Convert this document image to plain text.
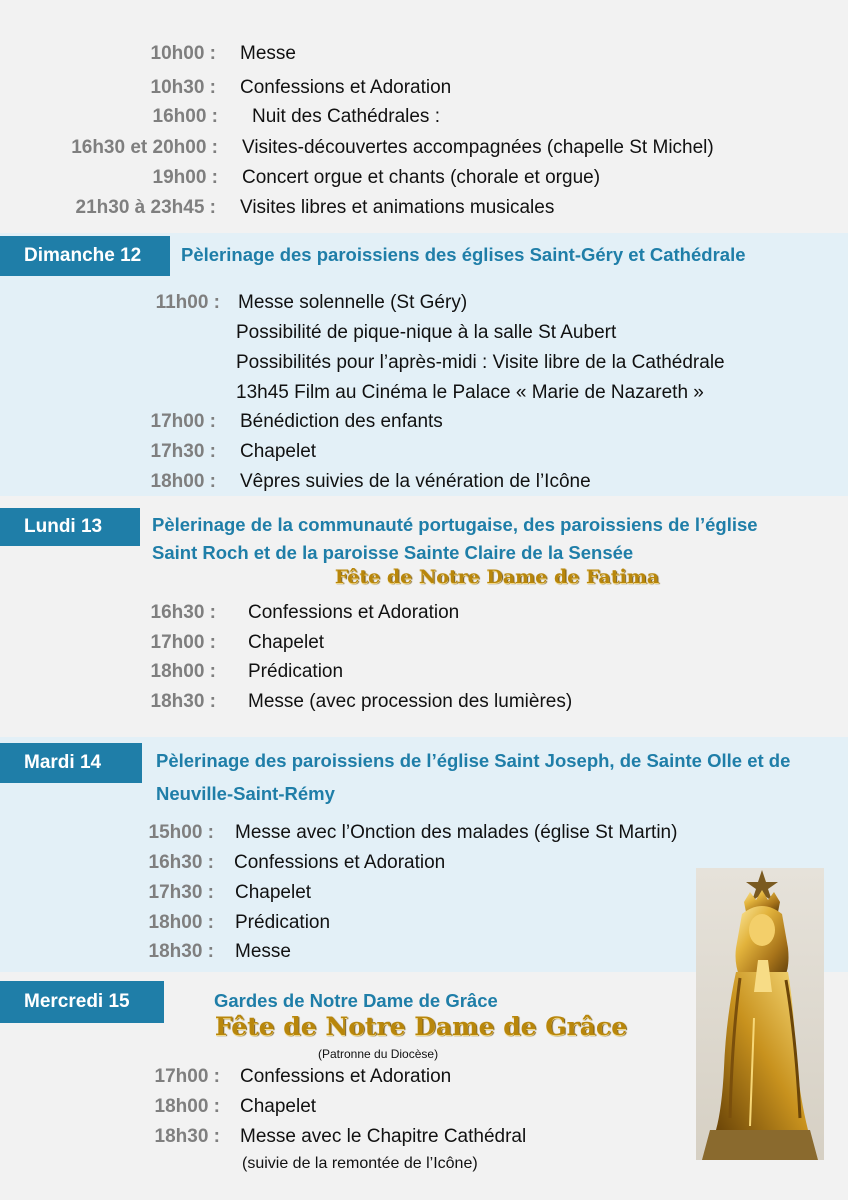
10h00 : Messe
10h30 : Confessions et Adoration
16h00 : Nuit des Cathédrales :
16h30 et 20h00 : Visites-découvertes accompagnées (chapelle St Michel)
19h00 : Concert orgue et chants (chorale et orgue)
21h30 à 23h45 : Visites libres et animations musicales
Dimanche 12	Pèlerinage des paroissiens des églises Saint-Géry et Cathédrale
11h00 : Messe solennelle (St Géry)
Possibilité de pique-nique à la salle St Aubert
Possibilités pour l’après-midi : Visite libre de la Cathédrale
13h45 Film au Cinéma le Palace « Marie de Nazareth »
17h00 : Bénédiction des enfants
17h30 : Chapelet
18h00 : Vêpres suivies de la vénération de l’Icône
Lundi 13	Pèlerinage de la communauté portugaise, des paroissiens de l’église
Saint Roch et de la paroisse Sainte Claire de la Sensée
Fête de Notre Dame de Fatima
16h30 : Confessions et Adoration
17h00 : Chapelet
18h00 : Prédication
18h30 : Messe (avec procession des lumières)
Mardi 14	Pèlerinage des paroissiens de l’église Saint Joseph, de Sainte Olle et de
Neuville-Saint-Rémy
15h00 : Messe avec l’Onction des malades (église St Martin)
16h30 : Confessions et Adoration
17h30 : Chapelet
18h00 : Prédication
18h30 : Messe
Mercredi 15	Gardes de Notre Dame de Grâce
Fête de Notre Dame de Grâce
(Patronne du Diocèse)
17h00 : Confessions et Adoration
18h00 : Chapelet
18h30 : Messe avec le Chapitre Cathédral
(suivie de la remontée de l’Icône)
